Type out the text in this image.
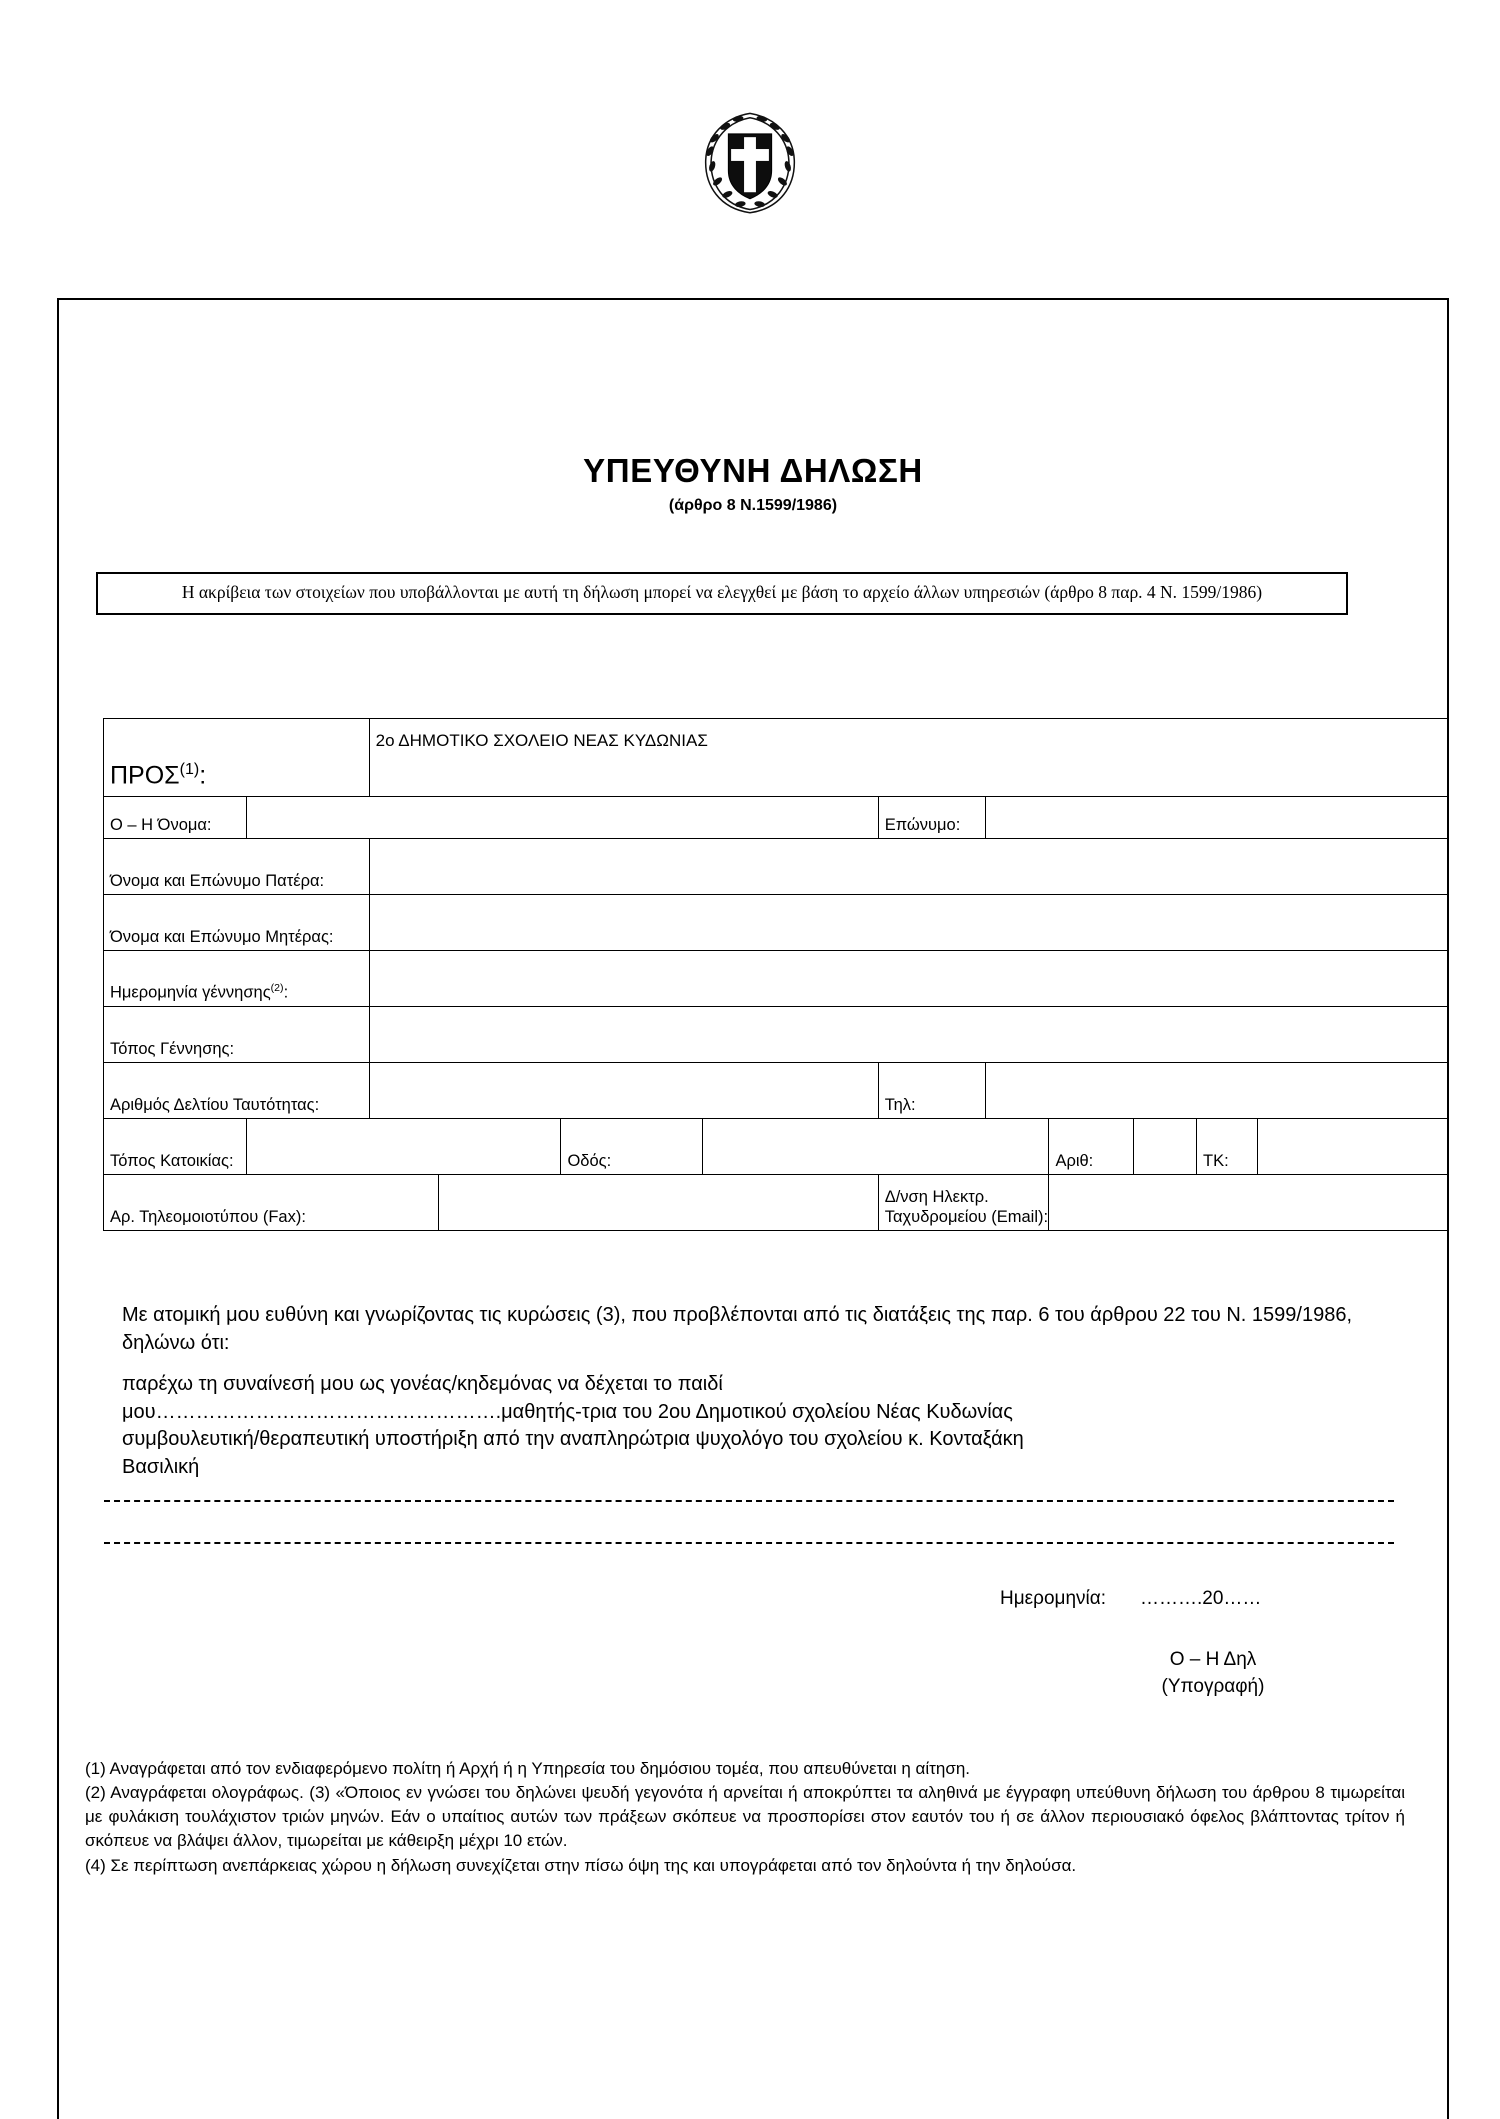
ΥΠΕΥΘΥΝΗ ΔΗΛΩΣΗ
(άρθρο 8 Ν.1599/1986)
Η ακρίβεια των στοιχείων που υποβάλλονται με αυτή τη δήλωση μπορεί να ελεγχθεί με βάση το αρχείο άλλων υπηρεσιών (άρθρο 8 παρ. 4 Ν. 1599/1986)
ΠΡΟΣ$^{(1)}$:		2ο ΔΗΜΟΤΙΚΟ ΣΧΟΛΕΙΟ ΝΕΑΣ ΚΥΔΩΝΙΑΣ									
Ο – Η Όνομα:						Επώνυμο:					
Όνομα και Επώνυμο Πατέρα:											
Όνομα και Επώνυμο Μητέρας:											
Ημερομηνία γέννησης$^{(2)}$:											
Τόπος Γέννησης:											
Αριθμός Δελτίου Ταυτότητας:						Τηλ:					
Τόπος Κατοικίας:				Οδός:				Αριθ:		ΤΚ:	
Αρ. Τηλεομοιοτύπου (Fax):						Δ/νση Ηλεκτρ. Ταχυδρομείου (Email):					

Με ατομική μου ευθύνη και γνωρίζοντας τις κυρώσεις (3), που προβλέπονται από τις διατάξεις της παρ. 6 του άρθρου 22 του Ν. 1599/1986, δηλώνω ότι:

παρέχω τη συναίνεσή μου ως γονέας/κηδεμόνας να δέχεται το παιδί

μου…………………………………………….μαθητής-τρια του 2ου Δημοτικού σχολείου Νέας Κυδωνίας

συμβουλευτική/θεραπευτική υποστήριξη από την αναπληρώτρια ψυχολόγο του σχολείου κ. Κονταξάκη

Βασιλική

Ημερομηνία: ……….20……
Ο – Η Δηλ
(Υπογραφή)

(1) Αναγράφεται από τον ενδιαφερόμενο πολίτη ή Αρχή ή η Υπηρεσία του δημόσιου τομέα, που απευθύνεται η αίτηση.

(2) Αναγράφεται ολογράφως. (3) «Όποιος εν γνώσει του δηλώνει ψευδή γεγονότα ή αρνείται ή αποκρύπτει τα αληθινά με έγγραφη υπεύθυνη δήλωση του άρθρου 8 τιμωρείται με φυλάκιση τουλάχιστον τριών μηνών. Εάν ο υπαίτιος αυτών των πράξεων σκόπευε να προσπορίσει στον εαυτόν του ή σε άλλον περιουσιακό όφελος βλάπτοντας τρίτον ή σκόπευε να βλάψει άλλον, τιμωρείται με κάθειρξη μέχρι 10 ετών.

(4) Σε περίπτωση ανεπάρκειας χώρου η δήλωση συνεχίζεται στην πίσω όψη της και υπογράφεται από τον δηλούντα ή την δηλούσα.
